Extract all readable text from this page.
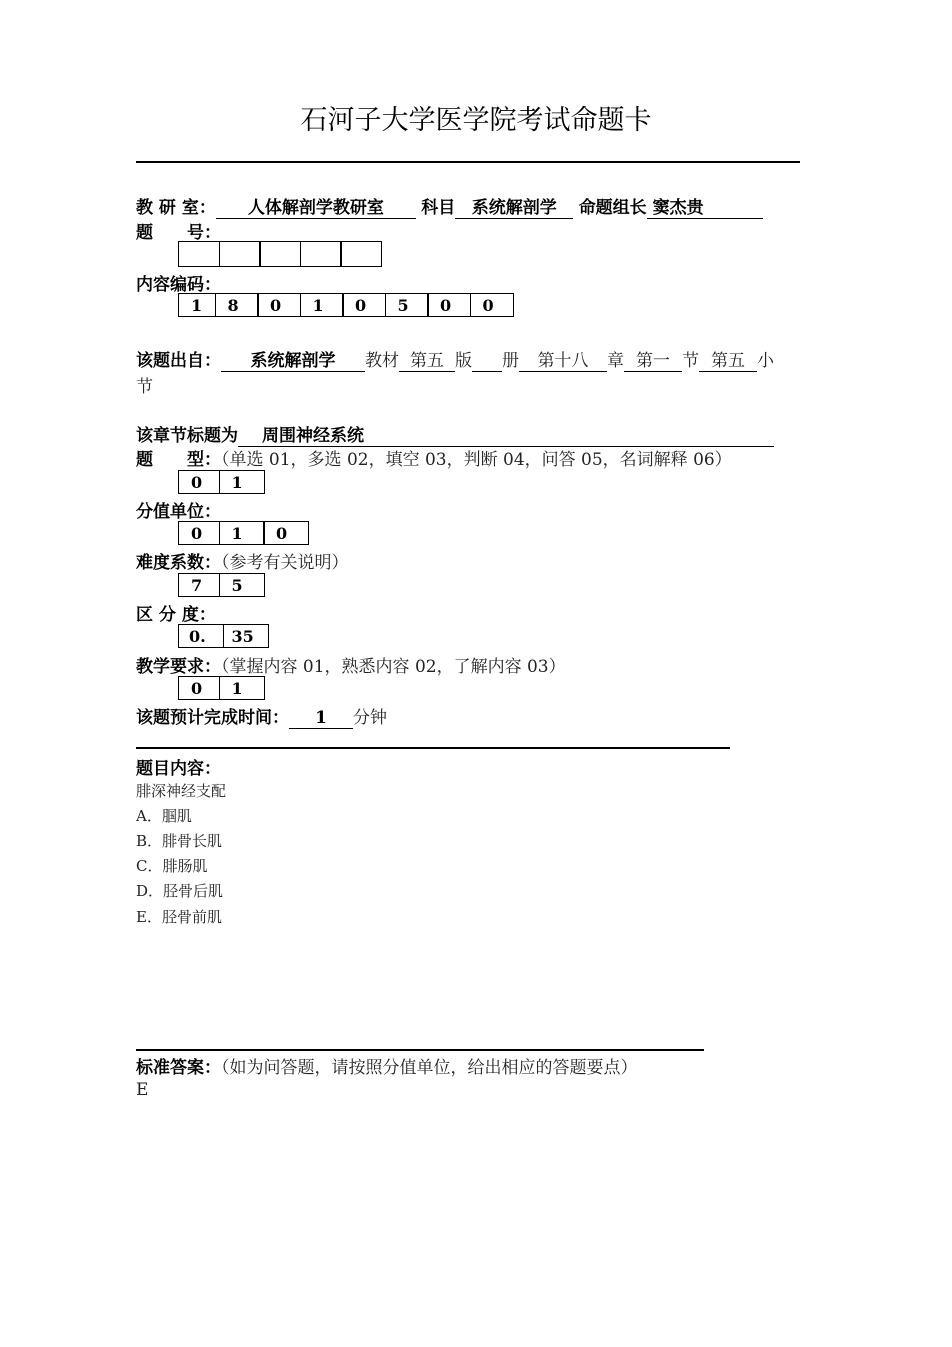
石河子大学医学院考试命题卡
教 研 室： 人体解剖学教研室 科目 系统解剖学 命题组长 窦杰贵
题　　号：
内容编码：
1	8	0	1	0	5	0	0
该题出自： 系统解剖学 教材 第五 版 册 第十八 章 第一 节 第五 小
节
该章节标题为 周围神经系统
题　　型：（单选 01，多选 02，填空 03，判断 04，问答 05，名词解释 06）
0	1
分值单位：
0	1	0
难度系数：（参考有关说明）
7	5
区 分 度：
0.	35
教学要求：（掌握内容 01，熟悉内容 02，了解内容 03）
0	1
该题预计完成时间： 1 分钟
题目内容：
腓深神经支配
A．腘肌
B．腓骨长肌
C．腓肠肌
D．胫骨后肌
E．胫骨前肌
标准答案：（如为问答题，请按照分值单位，给出相应的答题要点）
E
